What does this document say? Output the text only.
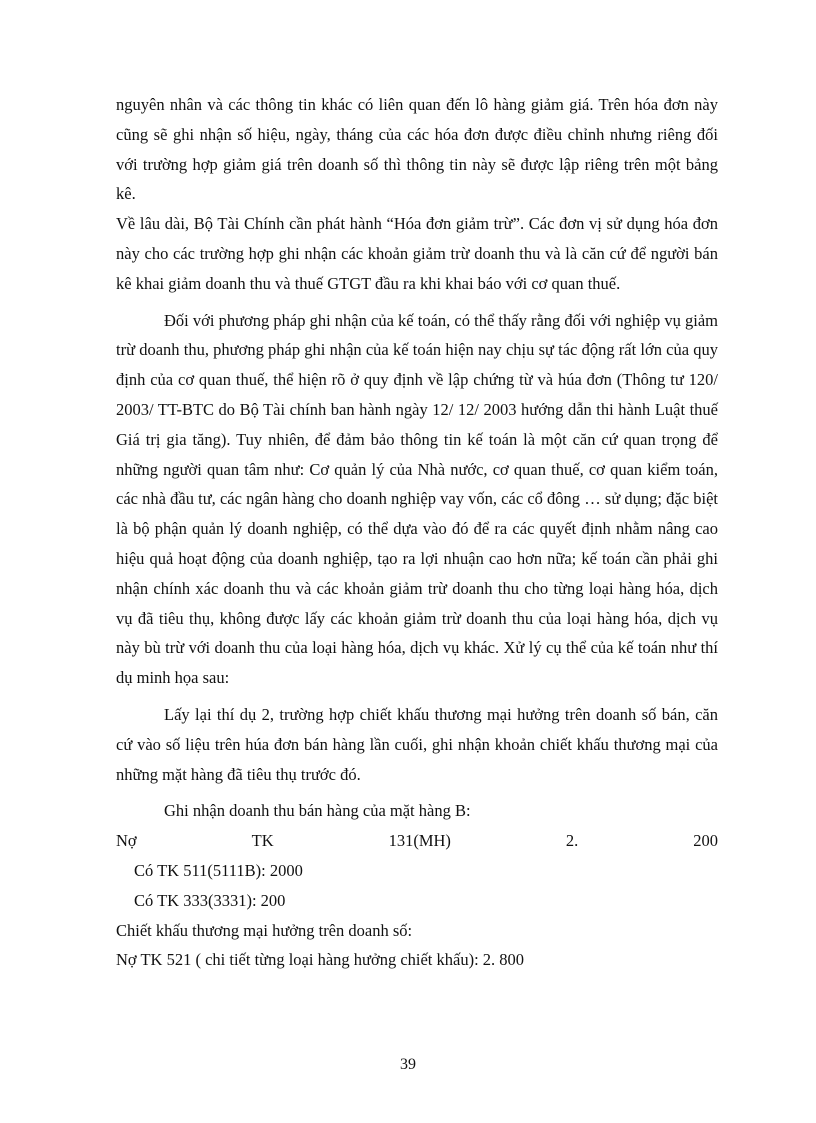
nguyên nhân và các thông tin khác có liên quan đến lô hàng giảm giá. Trên hóa đơn này cũng sẽ ghi nhận số hiệu, ngày, tháng của các hóa đơn được điều chỉnh nhưng riêng đối với trường hợp giảm giá trên doanh số thì thông tin này sẽ được lập riêng trên một bảng kê.

Về lâu dài, Bộ Tài Chính cần phát hành “Hóa đơn giảm trừ”. Các đơn vị sử dụng hóa đơn này cho các trường hợp ghi nhận các khoản giảm trừ doanh thu và là căn cứ để người bán kê khai giảm doanh thu và thuế GTGT đầu ra khi khai báo với cơ quan thuế.

Đối với phương pháp ghi nhận của kế toán, có thể thấy rằng đối với nghiệp vụ giảm trừ doanh thu, phương pháp ghi nhận của kế toán hiện nay chịu sự tác động rất lớn của quy định của cơ quan thuế, thể hiện rõ ở quy định về lập chứng từ và húa đơn (Thông tư 120/ 2003/ TT-BTC do Bộ Tài chính ban hành ngày 12/ 12/ 2003 hướng dẫn thi hành Luật thuế Giá trị gia tăng). Tuy nhiên, để đảm bảo thông tin kế toán là một căn cứ quan trọng để những người quan tâm như: Cơ quản lý của Nhà nước, cơ quan thuế, cơ quan kiểm toán, các nhà đầu tư, các ngân hàng cho doanh nghiệp vay vốn, các cổ đông … sử dụng; đặc biệt là bộ phận quản lý doanh nghiệp, có thể dựa vào đó để ra các quyết định nhằm nâng cao hiệu quả hoạt động của doanh nghiệp, tạo ra lợi nhuận cao hơn nữa; kế toán cần phải ghi nhận chính xác doanh thu và các khoản giảm trừ doanh thu cho từng loại hàng hóa, dịch vụ đã tiêu thụ, không được lấy các khoản giảm trừ doanh thu của loại hàng hóa, dịch vụ này bù trừ với doanh thu của loại hàng hóa, dịch vụ khác. Xử lý cụ thể của kế toán như thí dụ minh họa sau:

Lấy lại thí dụ 2, trường hợp chiết khấu thương mại hưởng trên doanh số bán, căn cứ vào số liệu trên húa đơn bán hàng lần cuối, ghi nhận khoản chiết khấu thương mại của những mặt hàng đã tiêu thụ trước đó.

Ghi nhận doanh thu bán hàng của mặt hàng B:

Nợ	TK	131(MH)	2.	200

Có TK 511(5111B): 2000

Có TK 333(3331): 200

Chiết khấu thương mại hưởng trên doanh số:

Nợ TK 521 ( chi tiết từng loại hàng hưởng chiết khấu): 2. 800

39
